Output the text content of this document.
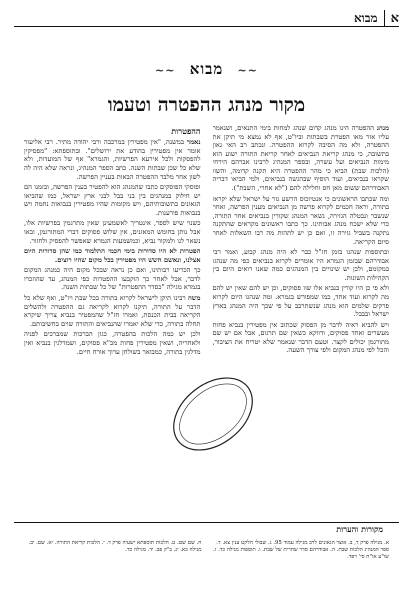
א
מבוא
~~ מבוא ~~
מקור מנהג ההפטרה וטעמו

מנהג ההפטרה הינו מנהג קדום שנהג למחות בימי התנאים, ושנאמר עליו אזר מאו הפטרת בשבתות וביו"ט, אף לא נמצא מי תיקן את ההפטרה, ולא מה הסיבה לקרוא ההפטרה. ונכתב רב האי גאון בתשובה, כי מנהג קריאת הנביאים לאחר קריאת התורה ישוע הוא מימות הנביאים ועל עשרה, ובספר המנהיג לרבינו אברהם הירחי (הלכות שבת) הביא כי מהר ההפטרה היא תקנה קדומה, והשוו שקראו בנביאים, ועוד הוסיף שבהגשה בנביאים, ולמי הביאו דבריה האבודרהם ששום מאן חס וחלילה להם ("לא אחרי, השבת").

ומה שכתבו הראשונים כי אנטיוכוס הרשע גזר על ישראל שלא יקראו בתורה, וראה חכמים לקרוא פרשה מן הנביאים מענין הפרשה, ואחר שנשבר ונבטלה הגזירה, נשאר המנהג שקורין בנביאים אחר התורה, כדי שלא ישכח מנהג אבותינו. כך כתבו ראשונים מקראים שהתקנה נתקנה בשביל גזירה זו, ואם כן יש לתהות מה רבו השאלות לאחר סיום הקריאה.

ובתוספות שנהגו בזמן חז"ל כבר לא היה מנהג קבוע, ואמר רבי אבודרהם שבזמן הגמרא היו אומרים לקרוא בנביאים כפי מה שנהגו במקומם, ולכן יש שינויים בין המנהגים כמה שאנו רואים היום בין הקהילות השונות.

ולא פי כן היו קורין בנביא אלו שוו פסוקים, וכן יש להם שאין יש להם מה לקרוא ועוד אחד, כמו שמפורש בגמרא. ומה שנהגו היום לקרוא פרקים שלמים הוא מנהג שנשתרבב על פי שכך היה המנהג בארץ ישראל ובבבל.

ויש להביא ראיה לדבר מן הפסוק שכתוב אין מפטירין בנביא פחות מעשרים ואחד פסוקים, ודווקא כשאין שם תרגום, אבל אם יש שם מתורגמן יכולים לקצר. וטעם הדבר שנאמר שלא יטריח את הציבור, והכל לפי מנהג המקום ולפי צורך השעה.

ההפטרות

נאמר במשנה, "אין מפטירין במרכבה ורבי יהודה מתיר. רבי אליעזר אומר אין מפטירין בהודע את ירושלים". ובתוספתא: "מפסיקין להפסקות ולכל אירעא הפרשיות, והגמרא" אף של המועדות, ולא שלא כל שכן שבתות השנה. כתב הספר המנהיג, ונראה שלא היה לה לשון אחר מלבד ההפטרה הבאות בעניין הפרשה.

ופוסקי הפוסקים כתבו שהמנהג הוא להפטיר בענין הפרשה, ובזמנו הם יש חילוק במנהגים בין בני בבל לבני ארץ ישראל, כמו שהביאו הגאונים בתשובותיהם, ויש מקומות שהיו מפטירין בנבואות נחמה ויש בנבואות פורענות.

כשנוי שיש לספר, אינטריך לאשמעינן שאין מתרגמין בפרשיות אלו, אבל נותן בחומש המאזנים, אין שלוש פסוקים דברי המתורגמן, ובאו נשאר לנו ולמקור נביא, וכמשמעות הגמרא שאפשר להפסיק ולחזור.

הפטרות לא היו סדורות בימי חכמי התלמוד כמו שהן סדורות היום אצלנו, ונאשם חשש היו מפטירין בכל מקום שהיו רוצים.

כך הכריעו רבותינו, ואם כן נראה שבכל מקום היה כמנהג המקום לדבר, אבל לאחר כך הוקבעו ההפטרות כפי המנהג, עד שהוזכרו בגמרא מגילה "כסדר ההפטרות" של כל שבתות השנה.

משה רבינו תיקן לישראל לקרוא בתורה בכל שבת ויו"ט, ואף שלא כל הדבר על התורה, תיקנו לקרוא לקריאה גם ההפטרה ולהשלים הקריאה בבית הכנסת, ואמרו חז"ל שהמפטיר בנביא צריך שיקרא תחלה בתורה, כדי שלא יאמרו שהנביאים והתורה שוים בחשיבותם.

ולכן יש כמה הלכות בהפטרה, כגון הברכות שמברכים לפניה ולאחריה, ושאין מפטירין פחות מכ"א פסוקים, ושמדלגין בנביא ואין מדלגין בתורה, כמבואר בשולחן ערוך אורח חיים.

מקורות והערות
א. מגילה פרק ד, ב. אוצר הגאונים לרב מגילה עמוד 95. ג. שבולי הלקט ענין צא. ד. ספר המנהיג הלכות שבת. ה. אבודרהם סדר שחרית של שבת. ו. תוספות מגילה כד. ז. שו"ע או"ח סי' רפד.
ח. שם שם. ט. הלכות תוספתא ישעיה פרק ד. י. הלכות קריאת התורה. יא. שם. יב. מגילה כא. יג. ב"ק פב. יד. מגילה כד.
